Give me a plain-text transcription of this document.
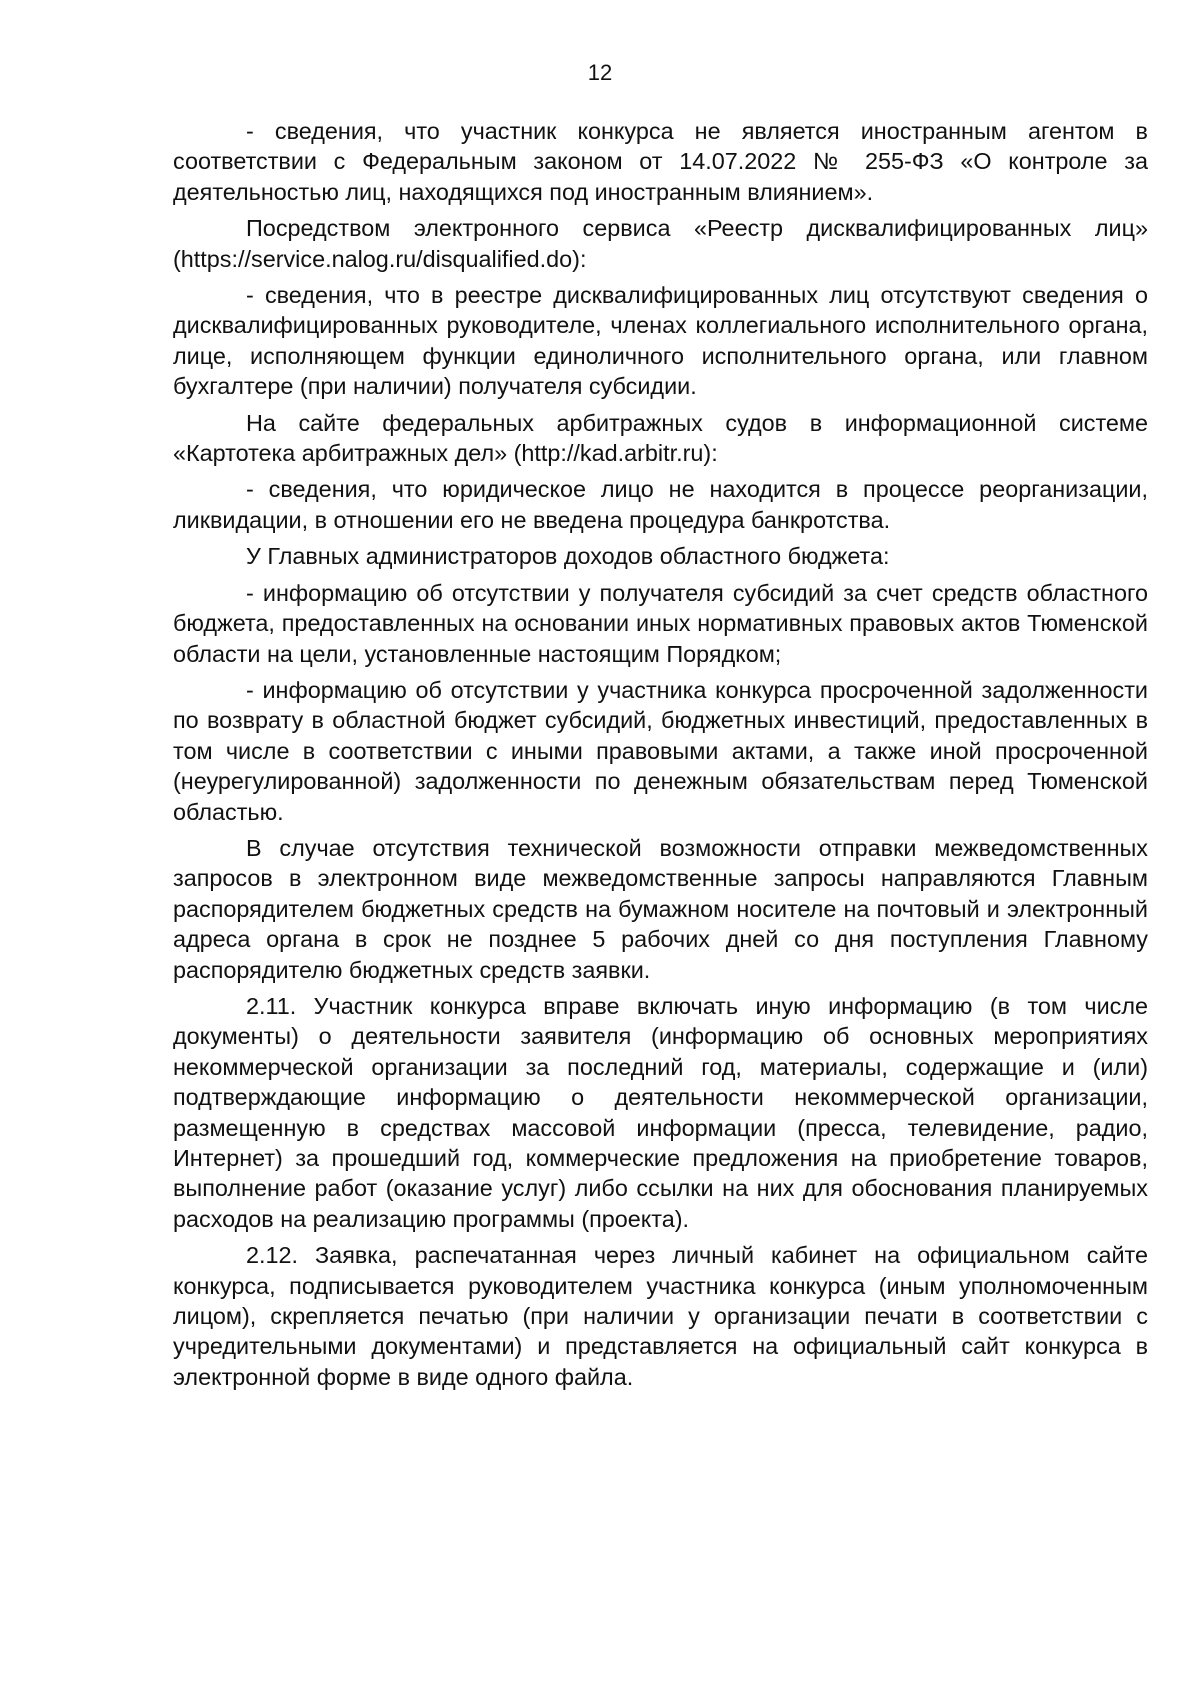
12

- сведения, что участник конкурса не является иностранным агентом в соответствии с Федеральным законом от 14.07.2022 № 255-ФЗ «О контроле за деятельностью лиц, находящихся под иностранным влиянием».

Посредством электронного сервиса «Реестр дисквалифицированных лиц» (https://service.nalog.ru/disqualified.do):

- сведения, что в реестре дисквалифицированных лиц отсутствуют сведения о дисквалифицированных руководителе, членах коллегиального исполнительного органа, лице, исполняющем функции единоличного исполнительного органа, или главном бухгалтере (при наличии) получателя субсидии.

На сайте федеральных арбитражных судов в информационной системе «Картотека арбитражных дел» (http://kad.arbitr.ru):

- сведения, что юридическое лицо не находится в процессе реорганизации, ликвидации, в отношении его не введена процедура банкротства.

У Главных администраторов доходов областного бюджета:

- информацию об отсутствии у получателя субсидий за счет средств областного бюджета, предоставленных на основании иных нормативных правовых актов Тюменской области на цели, установленные настоящим Порядком;

- информацию об отсутствии у участника конкурса просроченной задолженности по возврату в областной бюджет субсидий, бюджетных инвестиций, предоставленных в том числе в соответствии с иными правовыми актами, а также иной просроченной (неурегулированной) задолженности по денежным обязательствам перед Тюменской областью.

В случае отсутствия технической возможности отправки межведомственных запросов в электронном виде межведомственные запросы направляются Главным распорядителем бюджетных средств на бумажном носителе на почтовый и электронный адреса органа в срок не позднее 5 рабочих дней со дня поступления Главному распорядителю бюджетных средств заявки.

2.11. Участник конкурса вправе включать иную информацию (в том числе документы) о деятельности заявителя (информацию об основных мероприятиях некоммерческой организации за последний год, материалы, содержащие и (или) подтверждающие информацию о деятельности некоммерческой организации, размещенную в средствах массовой информации (пресса, телевидение, радио, Интернет) за прошедший год, коммерческие предложения на приобретение товаров, выполнение работ (оказание услуг) либо ссылки на них для обоснования планируемых расходов на реализацию программы (проекта).

2.12. Заявка, распечатанная через личный кабинет на официальном сайте конкурса, подписывается руководителем участника конкурса (иным уполномоченным лицом), скрепляется печатью (при наличии у организации печати в соответствии с учредительными документами) и представляется на официальный сайт конкурса в электронной форме в виде одного файла.
